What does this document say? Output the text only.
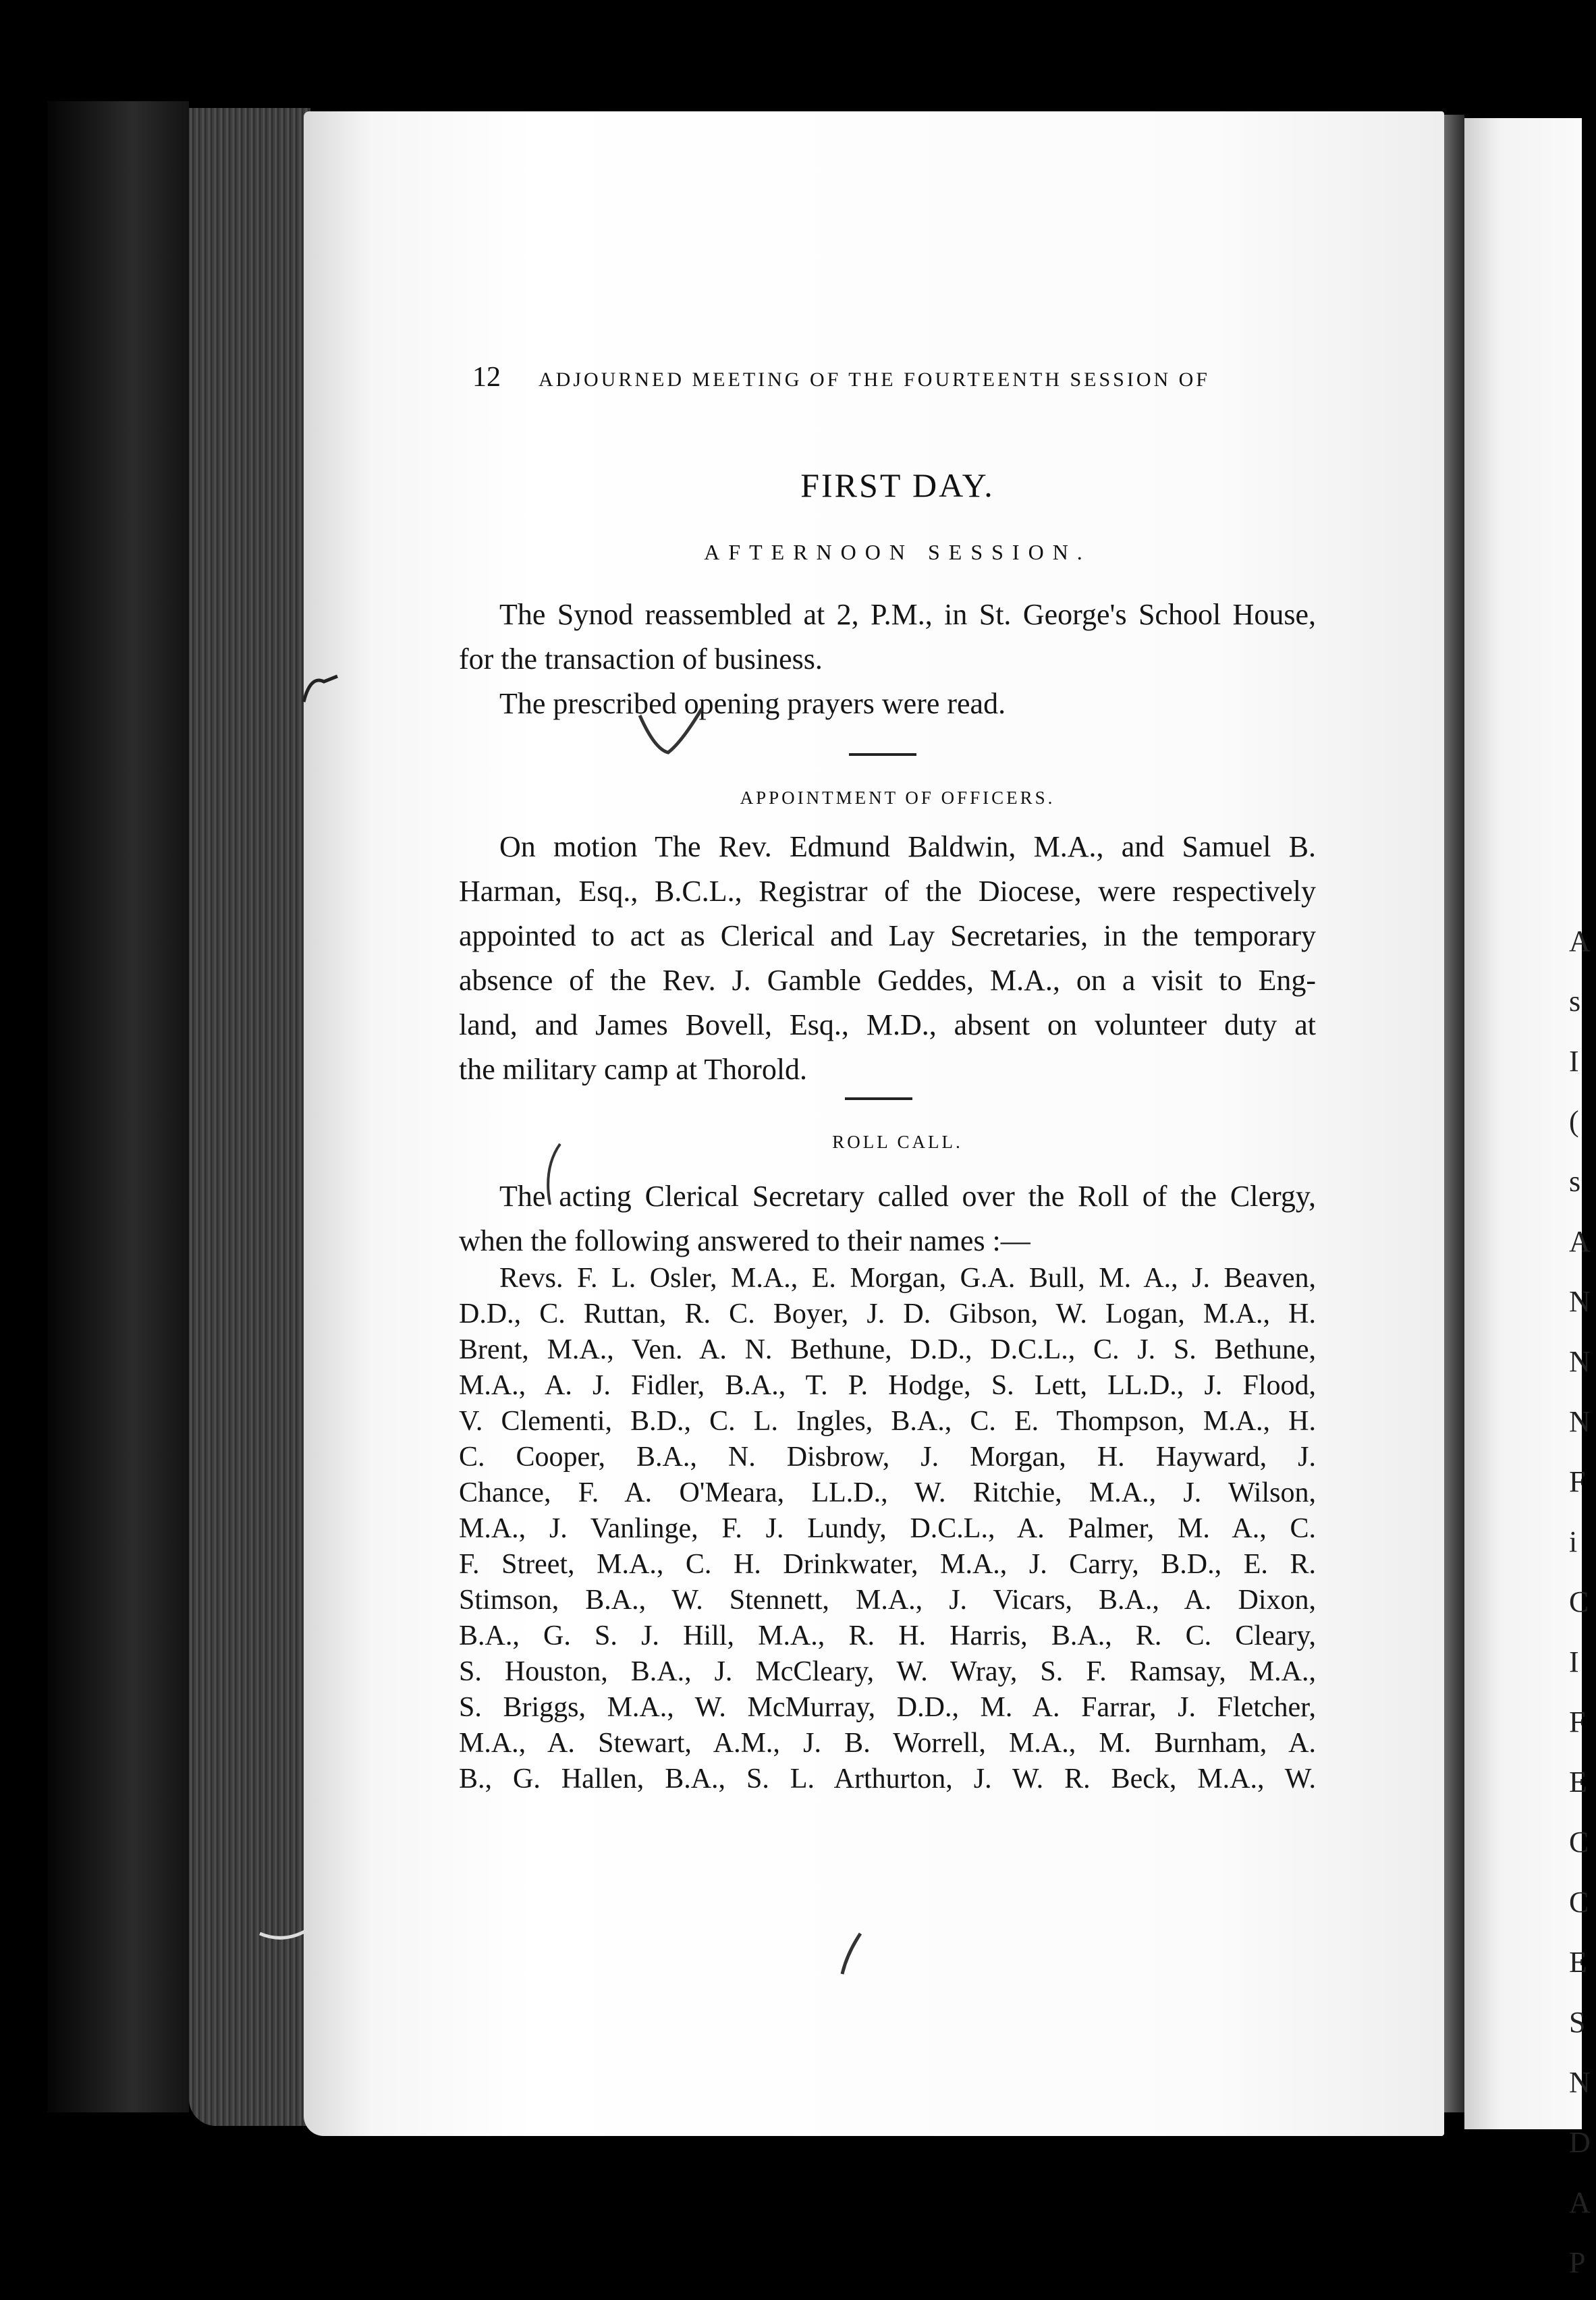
A
s
I
(
s
A
N
N
N
F
i
C
I
F
E
C
C
E
S
N
D
A
P
12 ADJOURNED MEETING OF THE FOURTEENTH SESSION OF
FIRST DAY.
AFTERNOON SESSION.
The Synod reassembled at 2, P.M., in St. George's School House,
for the transaction of business.
The prescribed opening prayers were read.
APPOINTMENT OF OFFICERS.
On motion The Rev. Edmund Baldwin, M.A., and Samuel B.
Harman, Esq., B.C.L., Registrar of the Diocese, were respectively
appointed to act as Clerical and Lay Secretaries, in the temporary
absence of the Rev. J. Gamble Geddes, M.A., on a visit to Eng-
land, and James Bovell, Esq., M.D., absent on volunteer duty at
the military camp at Thorold.
ROLL CALL.
The acting Clerical Secretary called over the Roll of the Clergy,
when the following answered to their names :—
Revs. F. L. Osler, M.A., E. Morgan, G.A. Bull, M. A., J. Beaven,
D.D., C. Ruttan, R. C. Boyer, J. D. Gibson, W. Logan, M.A., H.
Brent, M.A., Ven. A. N. Bethune, D.D., D.C.L., C. J. S. Bethune,
M.A., A. J. Fidler, B.A., T. P. Hodge, S. Lett, LL.D., J. Flood,
V. Clementi, B.D., C. L. Ingles, B.A., C. E. Thompson, M.A., H.
C. Cooper, B.A., N. Disbrow, J. Morgan, H. Hayward, J.
Chance, F. A. O'Meara, LL.D., W. Ritchie, M.A., J. Wilson,
M.A., J. Vanlinge, F. J. Lundy, D.C.L., A. Palmer, M. A., C.
F. Street, M.A., C. H. Drinkwater, M.A., J. Carry, B.D., E. R.
Stimson, B.A., W. Stennett, M.A., J. Vicars, B.A., A. Dixon,
B.A., G. S. J. Hill, M.A., R. H. Harris, B.A., R. C. Cleary,
S. Houston, B.A., J. McCleary, W. Wray, S. F. Ramsay, M.A.,
S. Briggs, M.A., W. McMurray, D.D., M. A. Farrar, J. Fletcher,
M.A., A. Stewart, A.M., J. B. Worrell, M.A., M. Burnham, A.
B., G. Hallen, B.A., S. L. Arthurton, J. W. R. Beck, M.A., W.
